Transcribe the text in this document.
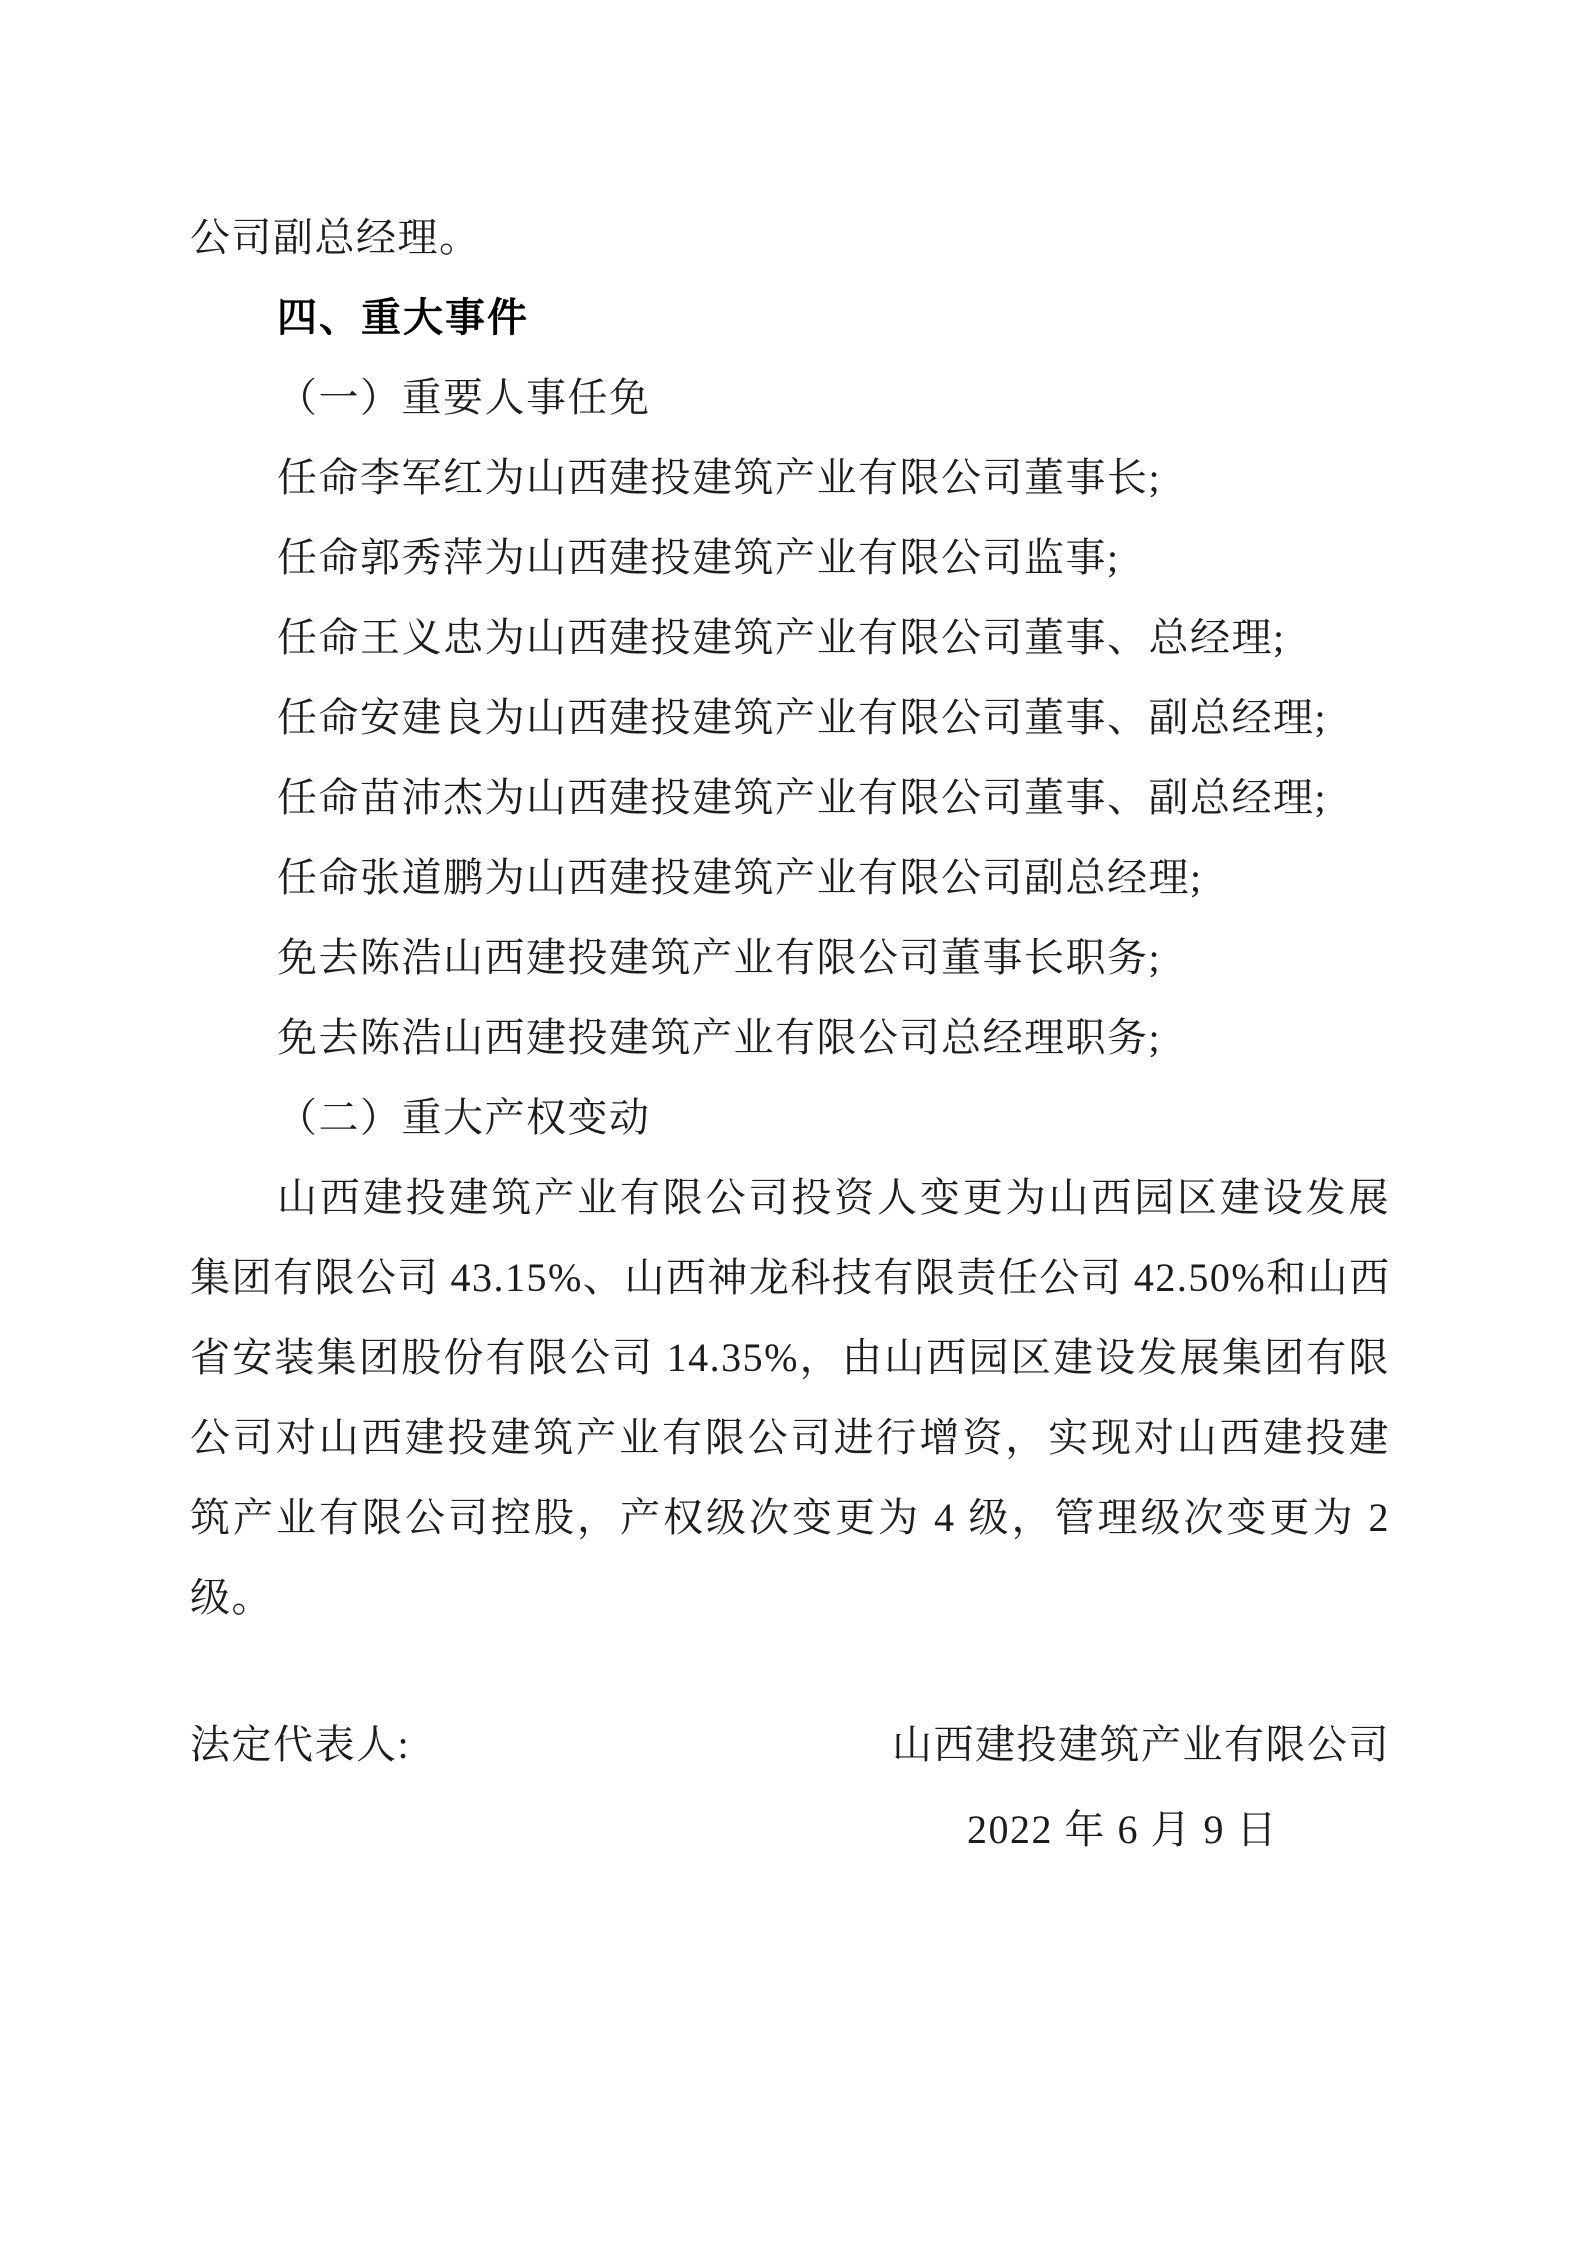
公司副总经理。

四、重大事件

（一）重要人事任免

任命李军红为山西建投建筑产业有限公司董事长;

任命郭秀萍为山西建投建筑产业有限公司监事;

任命王义忠为山西建投建筑产业有限公司董事、总经理;

任命安建良为山西建投建筑产业有限公司董事、副总经理;

任命苗沛杰为山西建投建筑产业有限公司董事、副总经理;

任命张道鹏为山西建投建筑产业有限公司副总经理;

免去陈浩山西建投建筑产业有限公司董事长职务;

免去陈浩山西建投建筑产业有限公司总经理职务;

（二）重大产权变动

山西建投建筑产业有限公司投资人变更为山西园区建设发展

集团有限公司 43.15%、山西神龙科技有限责任公司 42.50%和山西

省安装集团股份有限公司 14.35%，由山西园区建设发展集团有限

公司对山西建投建筑产业有限公司进行增资，实现对山西建投建

筑产业有限公司控股，产权级次变更为 4 级，管理级次变更为 2

级。

法定代表人:	山西建投建筑产业有限公司
2022 年 6 月 9 日
